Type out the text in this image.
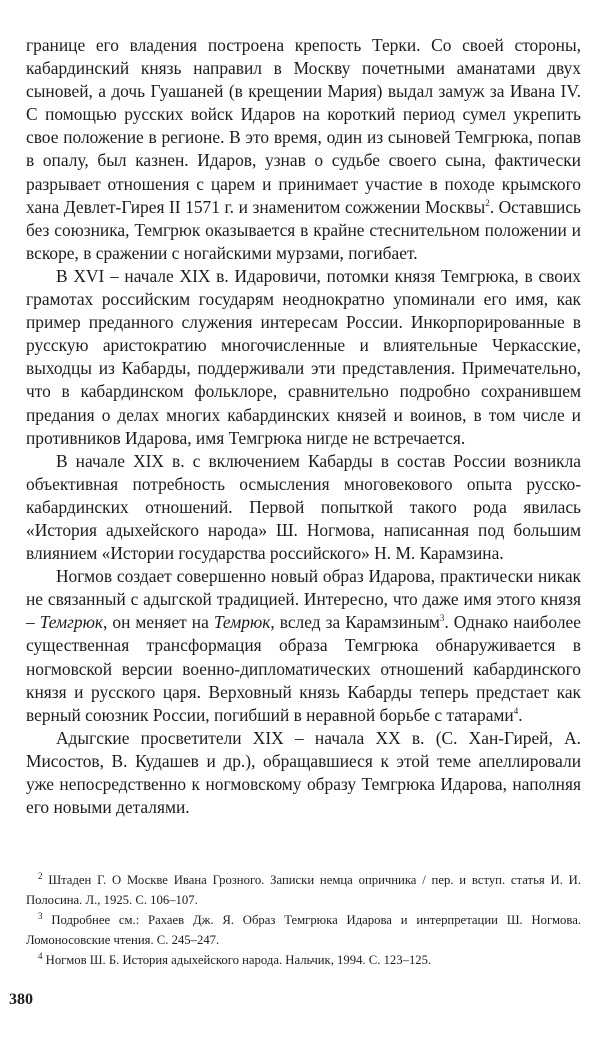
границе его владения построена крепость Терки. Со своей стороны, кабардинский князь направил в Москву почетными аманатами двух сыновей, а дочь Гуашаней (в крещении Мария) выдал замуж за Ивана IV. С помощью русских войск Идаров на короткий период сумел укрепить свое положение в регионе. В это время, один из сыновей Темгрюка, попав в опалу, был казнен. Идаров, узнав о судьбе своего сына, фактически разрывает отношения с царем и принимает участие в походе крымского хана Девлет-Гирея II 1571 г. и знаменитом сожжении Москвы$^2$. Оставшись без союзника, Темгрюк оказывается в крайне стеснительном положении и вскоре, в сражении с ногайскими мурзами, погибает.

В XVI – начале XIX в. Идаровичи, потомки князя Темгрюка, в своих грамотах российским государям неоднократно упоминали его имя, как пример преданного служения интересам России. Инкорпорированные в русскую аристократию многочисленные и влиятельные Черкасские, выходцы из Кабарды, поддерживали эти представления. Примечательно, что в кабардинском фольклоре, сравнительно подробно сохранившем предания о делах многих кабардинских князей и воинов, в том числе и противников Идарова, имя Темгрюка нигде не встречается.

В начале XIX в. с включением Кабарды в состав России возникла объективная потребность осмысления многовекового опыта русско-кабардинских отношений. Первой попыткой такого рода явилась «История адыхейского народа» Ш. Ногмова, написанная под большим влиянием «Истории государства российского» Н. М. Карамзина.

Ногмов создает совершенно новый образ Идарова, практически никак не связанный с адыгской традицией. Интересно, что даже имя этого князя – Темгрюк, он меняет на Темрюк, вслед за Карамзиным$^3$. Однако наиболее существенная трансформация образа Темгрюка обнаруживается в ногмовской версии военно-дипломатических отношений кабардинского князя и русского царя. Верховный князь Кабарды теперь предстает как верный союзник России, погибший в неравной борьбе с татарами$^4$.

Адыгские просветители XIX – начала XX в. (С. Хан-Гирей, А. Мисостов, В. Кудашев и др.), обращавшиеся к этой теме апеллировали уже непосредственно к ногмовскому образу Темгрюка Идарова, наполняя его новыми деталями.

$^2$ Штаден Г. О Москве Ивана Грозного. Записки немца опричника / пер. и вступ. статья И. И. Полосина. Л., 1925. С. 106–107.

$^3$ Подробнее см.: Рахаев Дж. Я. Образ Темгрюка Идарова и интерпретации Ш. Ногмова. Ломоносовские чтения. С. 245–247.

$^4$ Ногмов Ш. Б. История адыхейского народа. Нальчик, 1994. С. 123–125.

380
